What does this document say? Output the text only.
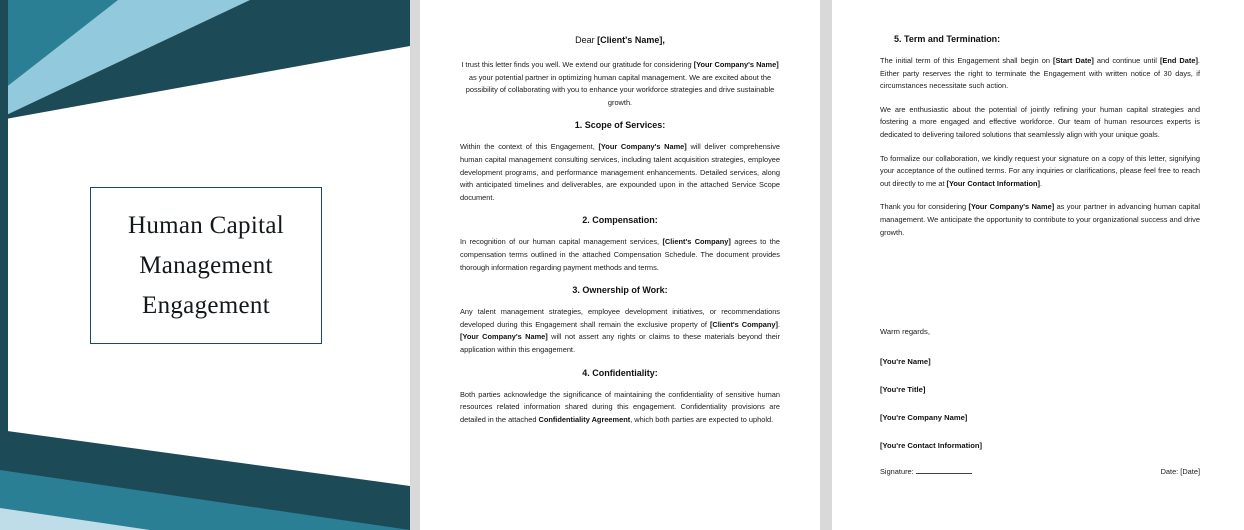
Human Capital
Management
Engagement

Dear [Client's Name],

I trust this letter finds you well. We extend our gratitude for considering [Your Company's Name] as your potential partner in optimizing human capital management. We are excited about the possibility of collaborating with you to enhance your workforce strategies and drive sustainable growth.

1. Scope of Services:

Within the context of this Engagement, [Your Company's Name] will deliver comprehensive human capital management consulting services, including talent acquisition strategies, employee development programs, and performance management enhancements. Detailed services, along with anticipated timelines and deliverables, are expounded upon in the attached Service Scope document.

2. Compensation:

In recognition of our human capital management services, [Client's Company] agrees to the compensation terms outlined in the attached Compensation Schedule. The document provides thorough information regarding payment methods and terms.

3. Ownership of Work:

Any talent management strategies, employee development initiatives, or recommendations developed during this Engagement shall remain the exclusive property of [Client's Company]. [Your Company's Name] will not assert any rights or claims to these materials beyond their application within this engagement.

4. Confidentiality:

Both parties acknowledge the significance of maintaining the confidentiality of sensitive human resources related information shared during this engagement. Confidentiality provisions are detailed in the attached Confidentiality Agreement, which both parties are expected to uphold.

5. Term and Termination:

The initial term of this Engagement shall begin on [Start Date] and continue until [End Date]. Either party reserves the right to terminate the Engagement with written notice of 30 days, if circumstances necessitate such action.

We are enthusiastic about the potential of jointly refining your human capital strategies and fostering a more engaged and effective workforce. Our team of human resources experts is dedicated to delivering tailored solutions that seamlessly align with your unique goals.

To formalize our collaboration, we kindly request your signature on a copy of this letter, signifying your acceptance of the outlined terms. For any inquiries or clarifications, please feel free to reach out directly to me at [Your Contact Information].

Thank you for considering [Your Company's Name] as your partner in advancing human capital management. We anticipate the opportunity to contribute to your organizational success and drive growth.

Warm regards,

[You're Name]

[You're Title]

[You're Company Name]

[You're Contact Information]

Signature:	Date: [Date]
